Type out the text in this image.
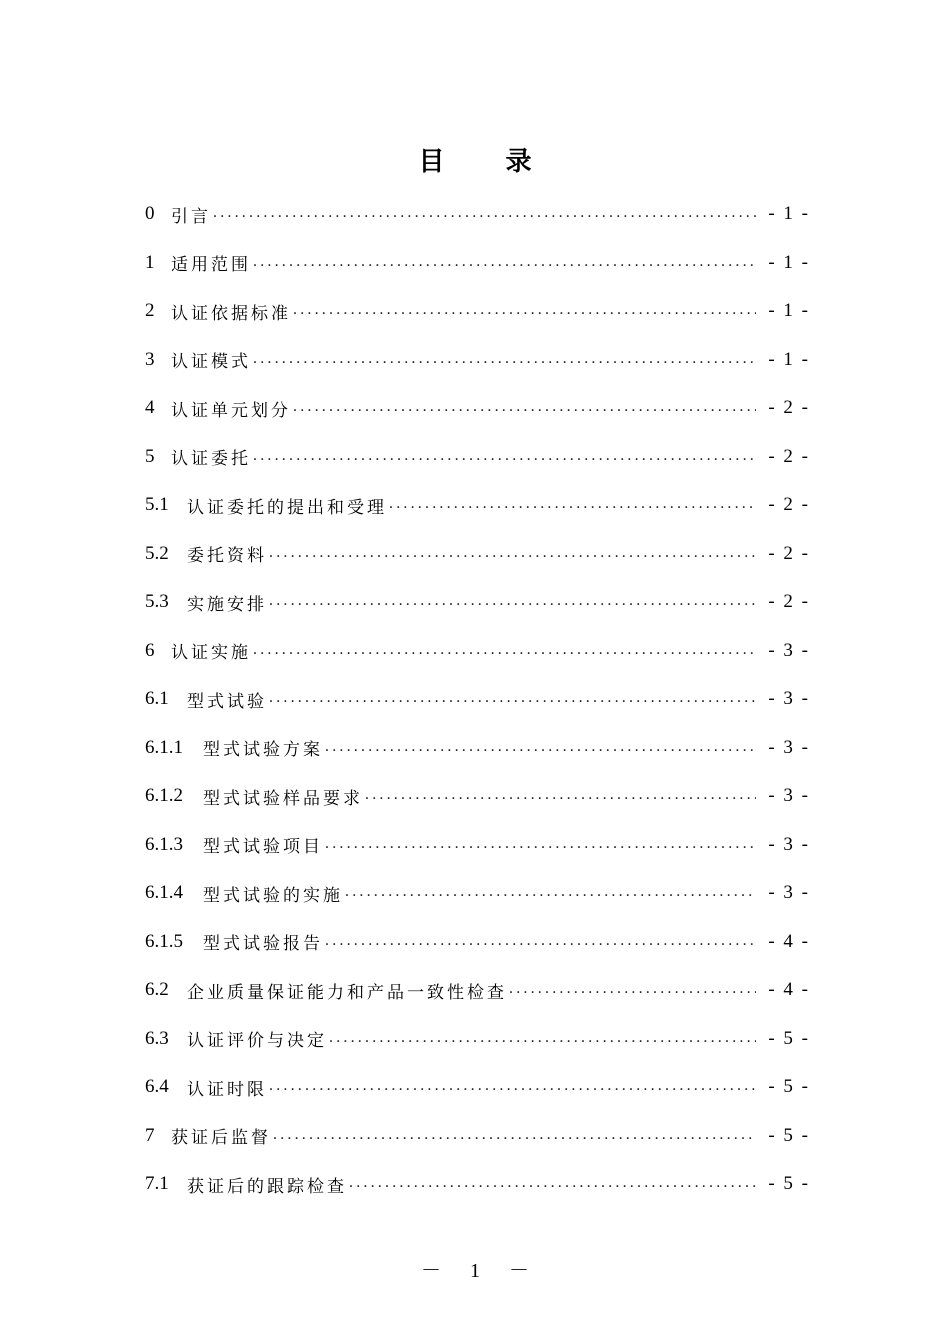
目 录
0 引言 . . .	- 1 -
1 适用范围 . . .	- 1 -
2 认证依据标准 . . .	- 1 -
3 认证模式 . . .	- 1 -
4 认证单元划分 . . .	- 2 -
5 认证委托 . . .	- 2 -
5.1	认证委托的提出和受理 . . .	- 2 -
5.2	委托资料 . . .	- 2 -
5.3	实施安排 . . .	- 2 -
6 认证实施 . . .	- 3 -
6.1	型式试验 . . .	- 3 -
6.1.1	型式试验方案 . . .	- 3 -
6.1.2	型式试验样品要求 . . .	- 3 -
6.1.3	型式试验项目 . . .	- 3 -
6.1.4	型式试验的实施 . . .	- 3 -
6.1.5	型式试验报告 . . .	- 4 -
6.2	企业质量保证能力和产品一致性检查 . . .	- 4 -
6.3	认证评价与决定 . . .	- 5 -
6.4	认证时限 . . .	- 5 -
7 获证后监督 . . .	- 5 -
7.1	获证后的跟踪检查 . . .	- 5 -
－ 1 －
